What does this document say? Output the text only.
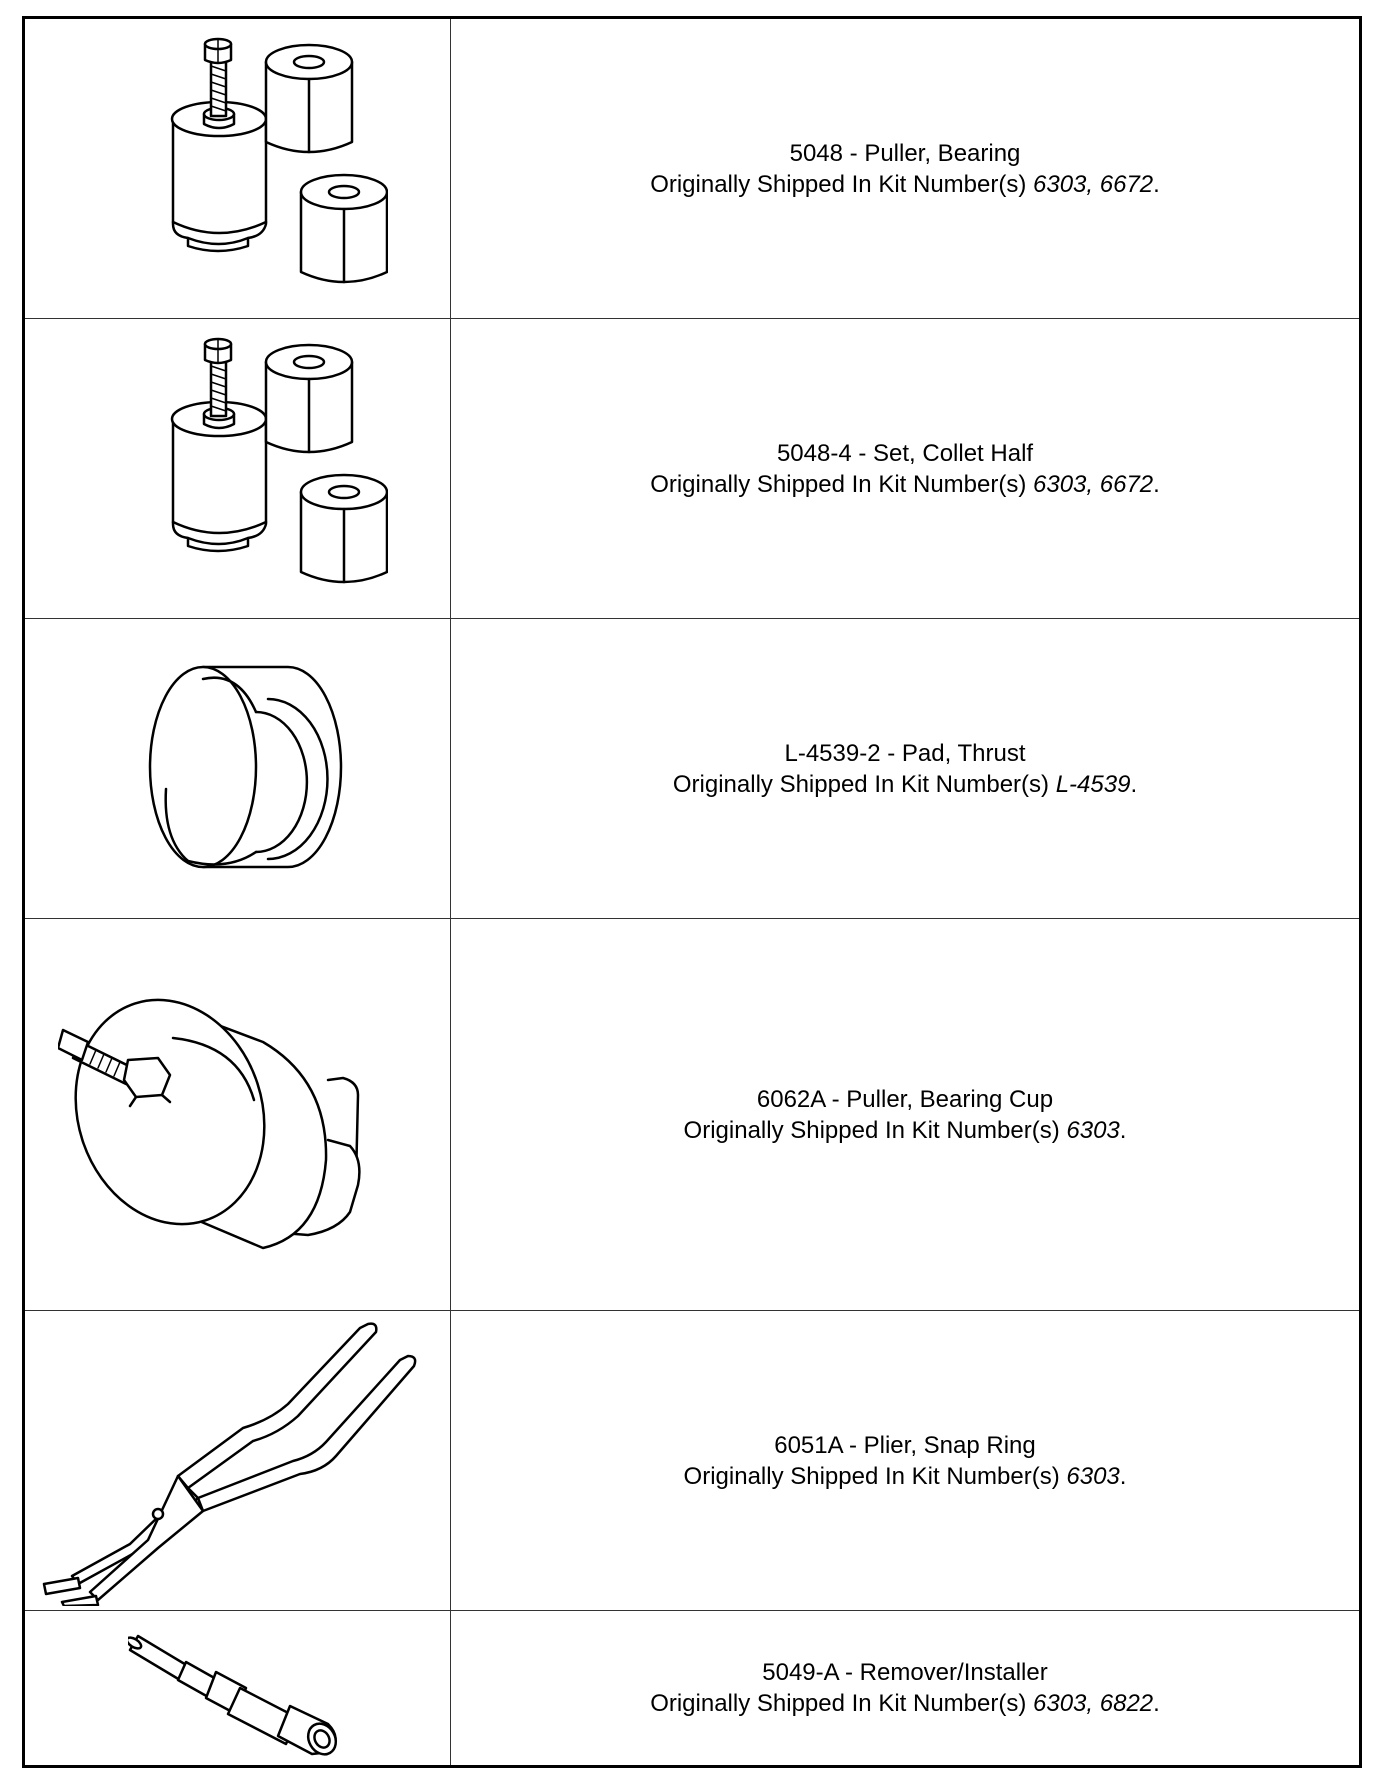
5048 - Puller, Bearing
Originally Shipped In Kit Number(s) 6303, 6672.
5048-4 - Set, Collet Half
Originally Shipped In Kit Number(s) 6303, 6672.
L-4539-2 - Pad, Thrust
Originally Shipped In Kit Number(s) L-4539.
6062A - Puller, Bearing Cup
Originally Shipped In Kit Number(s) 6303.
6051A - Plier, Snap Ring
Originally Shipped In Kit Number(s) 6303.
5049-A - Remover/Installer
Originally Shipped In Kit Number(s) 6303, 6822.
